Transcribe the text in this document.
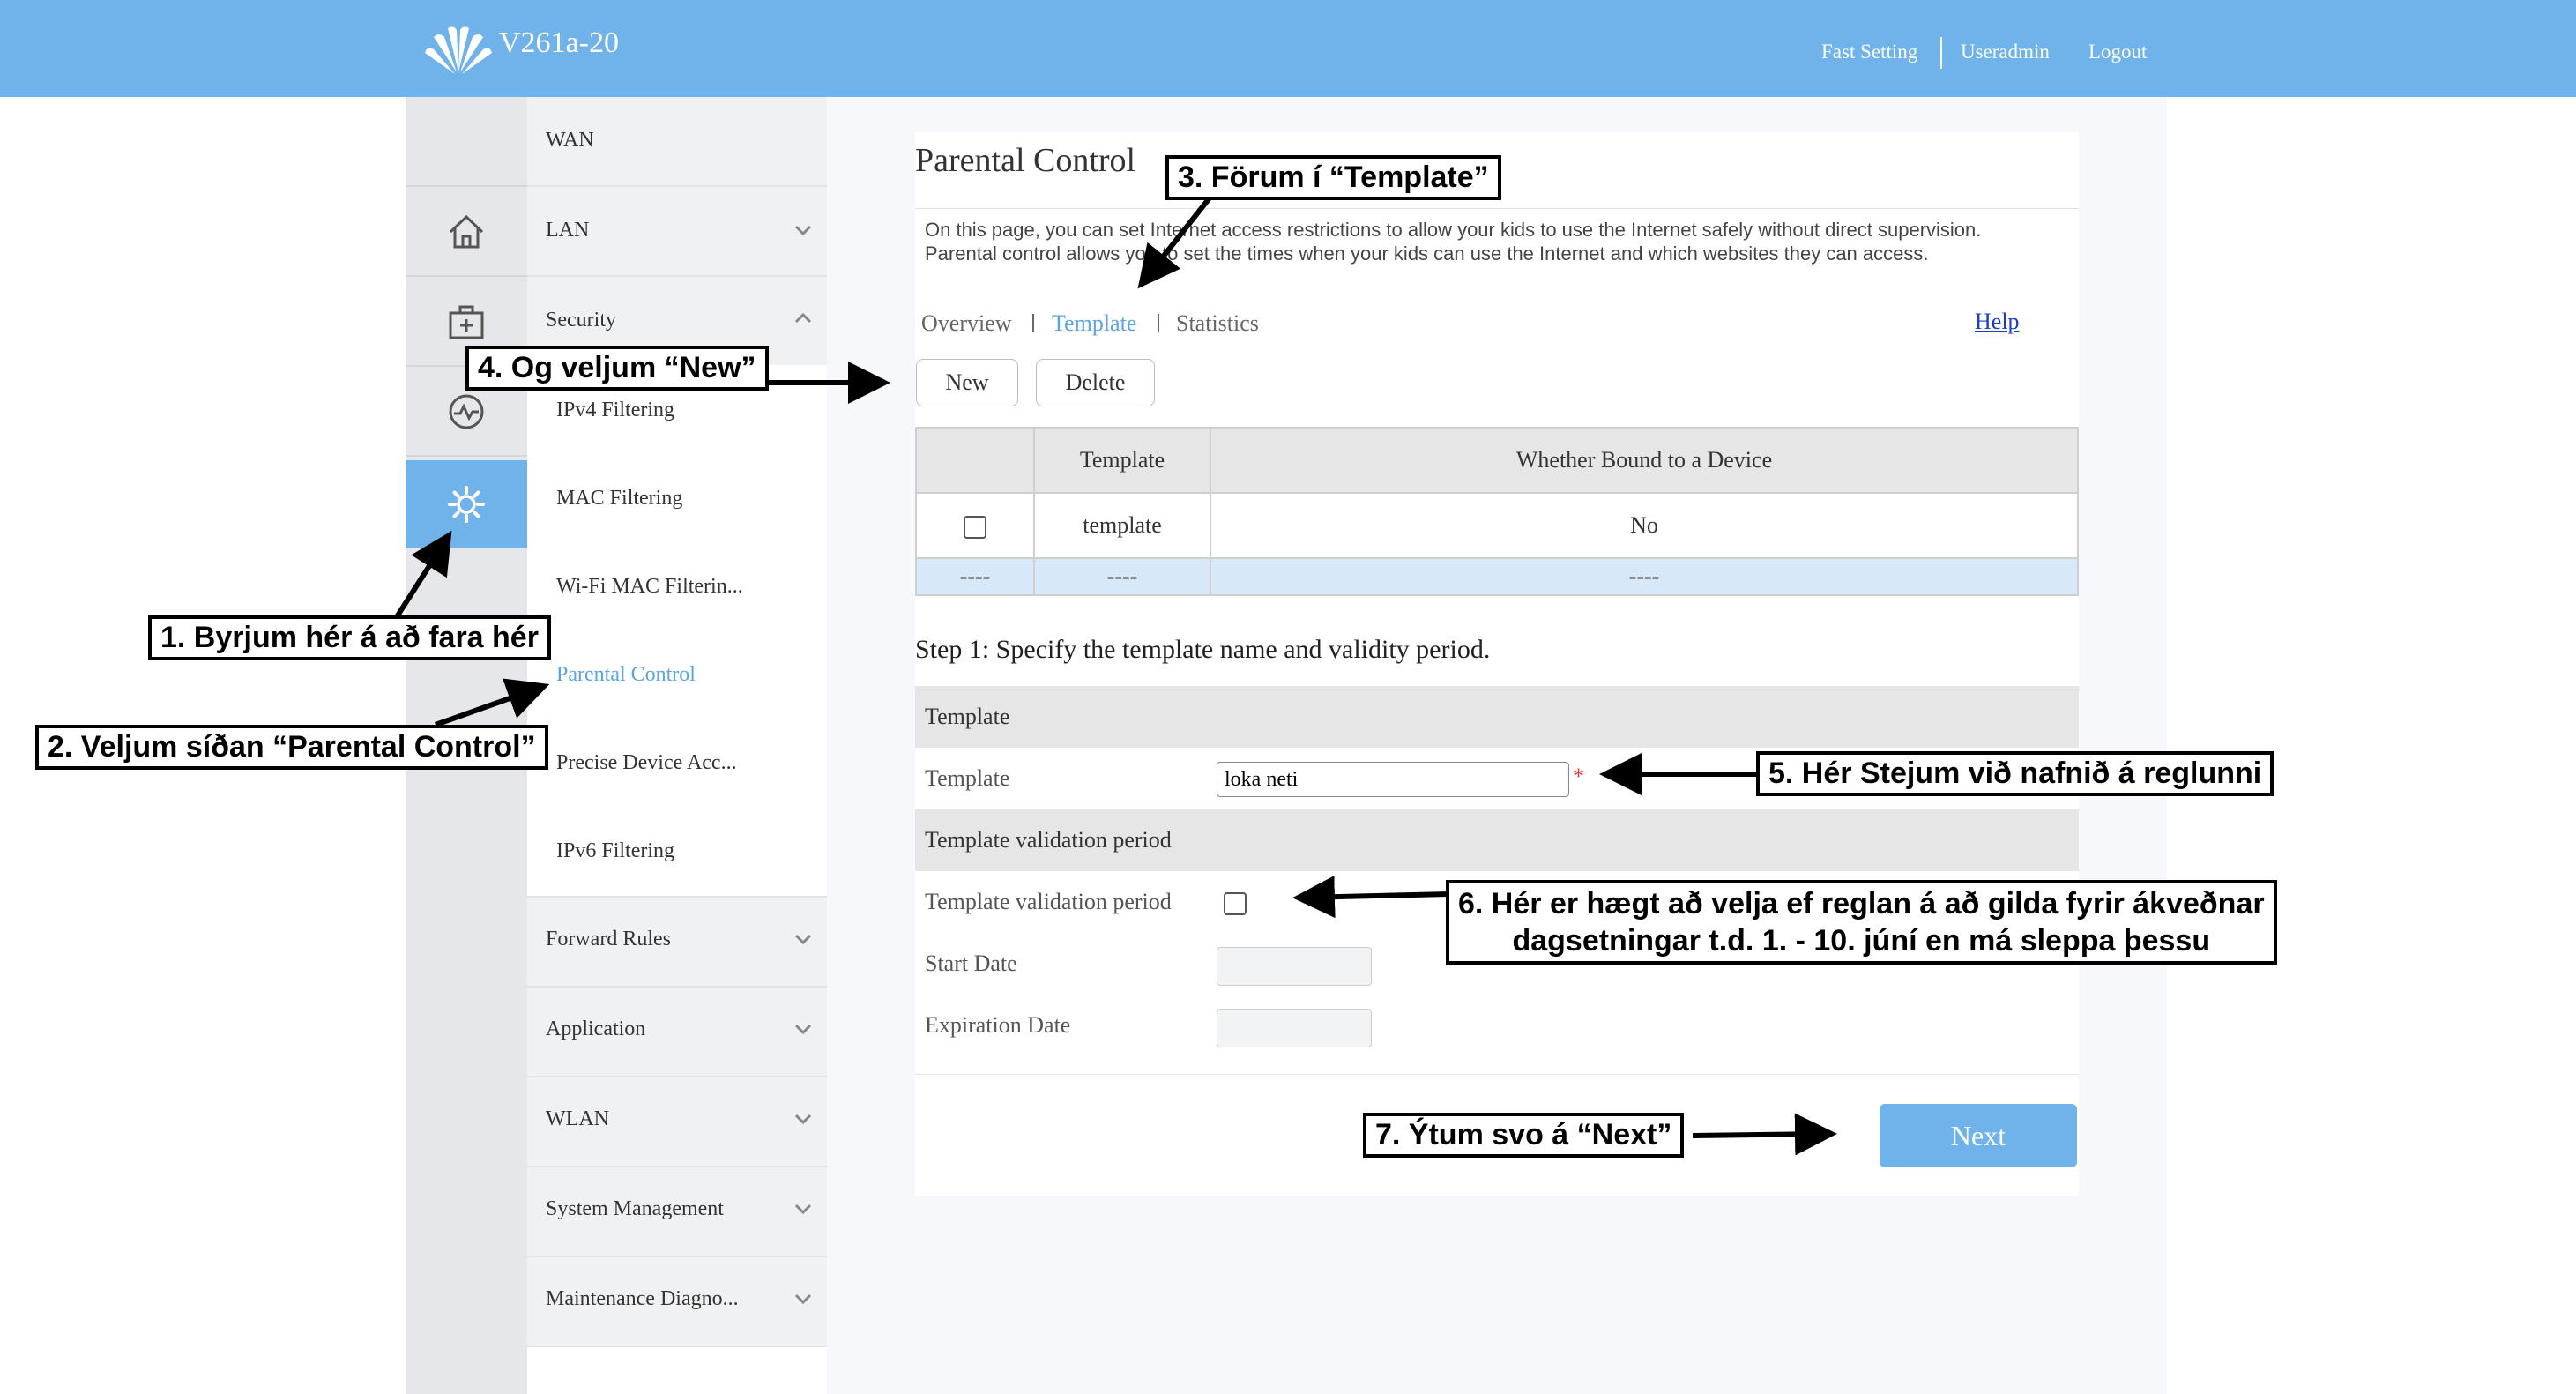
V261a-20	Fast Setting Useradmin Logout
WAN
LAN
Security
IPv4 Filtering
MAC Filtering
Wi-Fi MAC Filterin...
Parental Control
Precise Device Acc...
IPv6 Filtering
Forward Rules
Application
WLAN
System Management
Maintenance Diagno...
Parental Control
On this page, you can set Internet access restrictions to allow your kids to use the Internet safely without direct supervision.
Parental control allows you to set the times when your kids can use the Internet and which websites they can access.
Overview Template Statistics	Help
New	Delete
	Template	Whether Bound to a Device
	template	No
----	----	----
Step 1: Specify the template name and validity period.
Template
Template
loka neti	*
Template validation period
Template validation period
Start Date
Expiration Date
Next
1. Byrjum hér á að fara hér
2. Veljum síðan “Parental Control”
3. Förum í “Template”
4. Og veljum “New”
5. Hér Stejum við nafnið á reglunni
6. Hér er hægt að velja ef reglan á að gilda fyrir ákveðnar
dagsetningar t.d. 1. - 10. júní en má sleppa þessu
7. Ýtum svo á “Next”
